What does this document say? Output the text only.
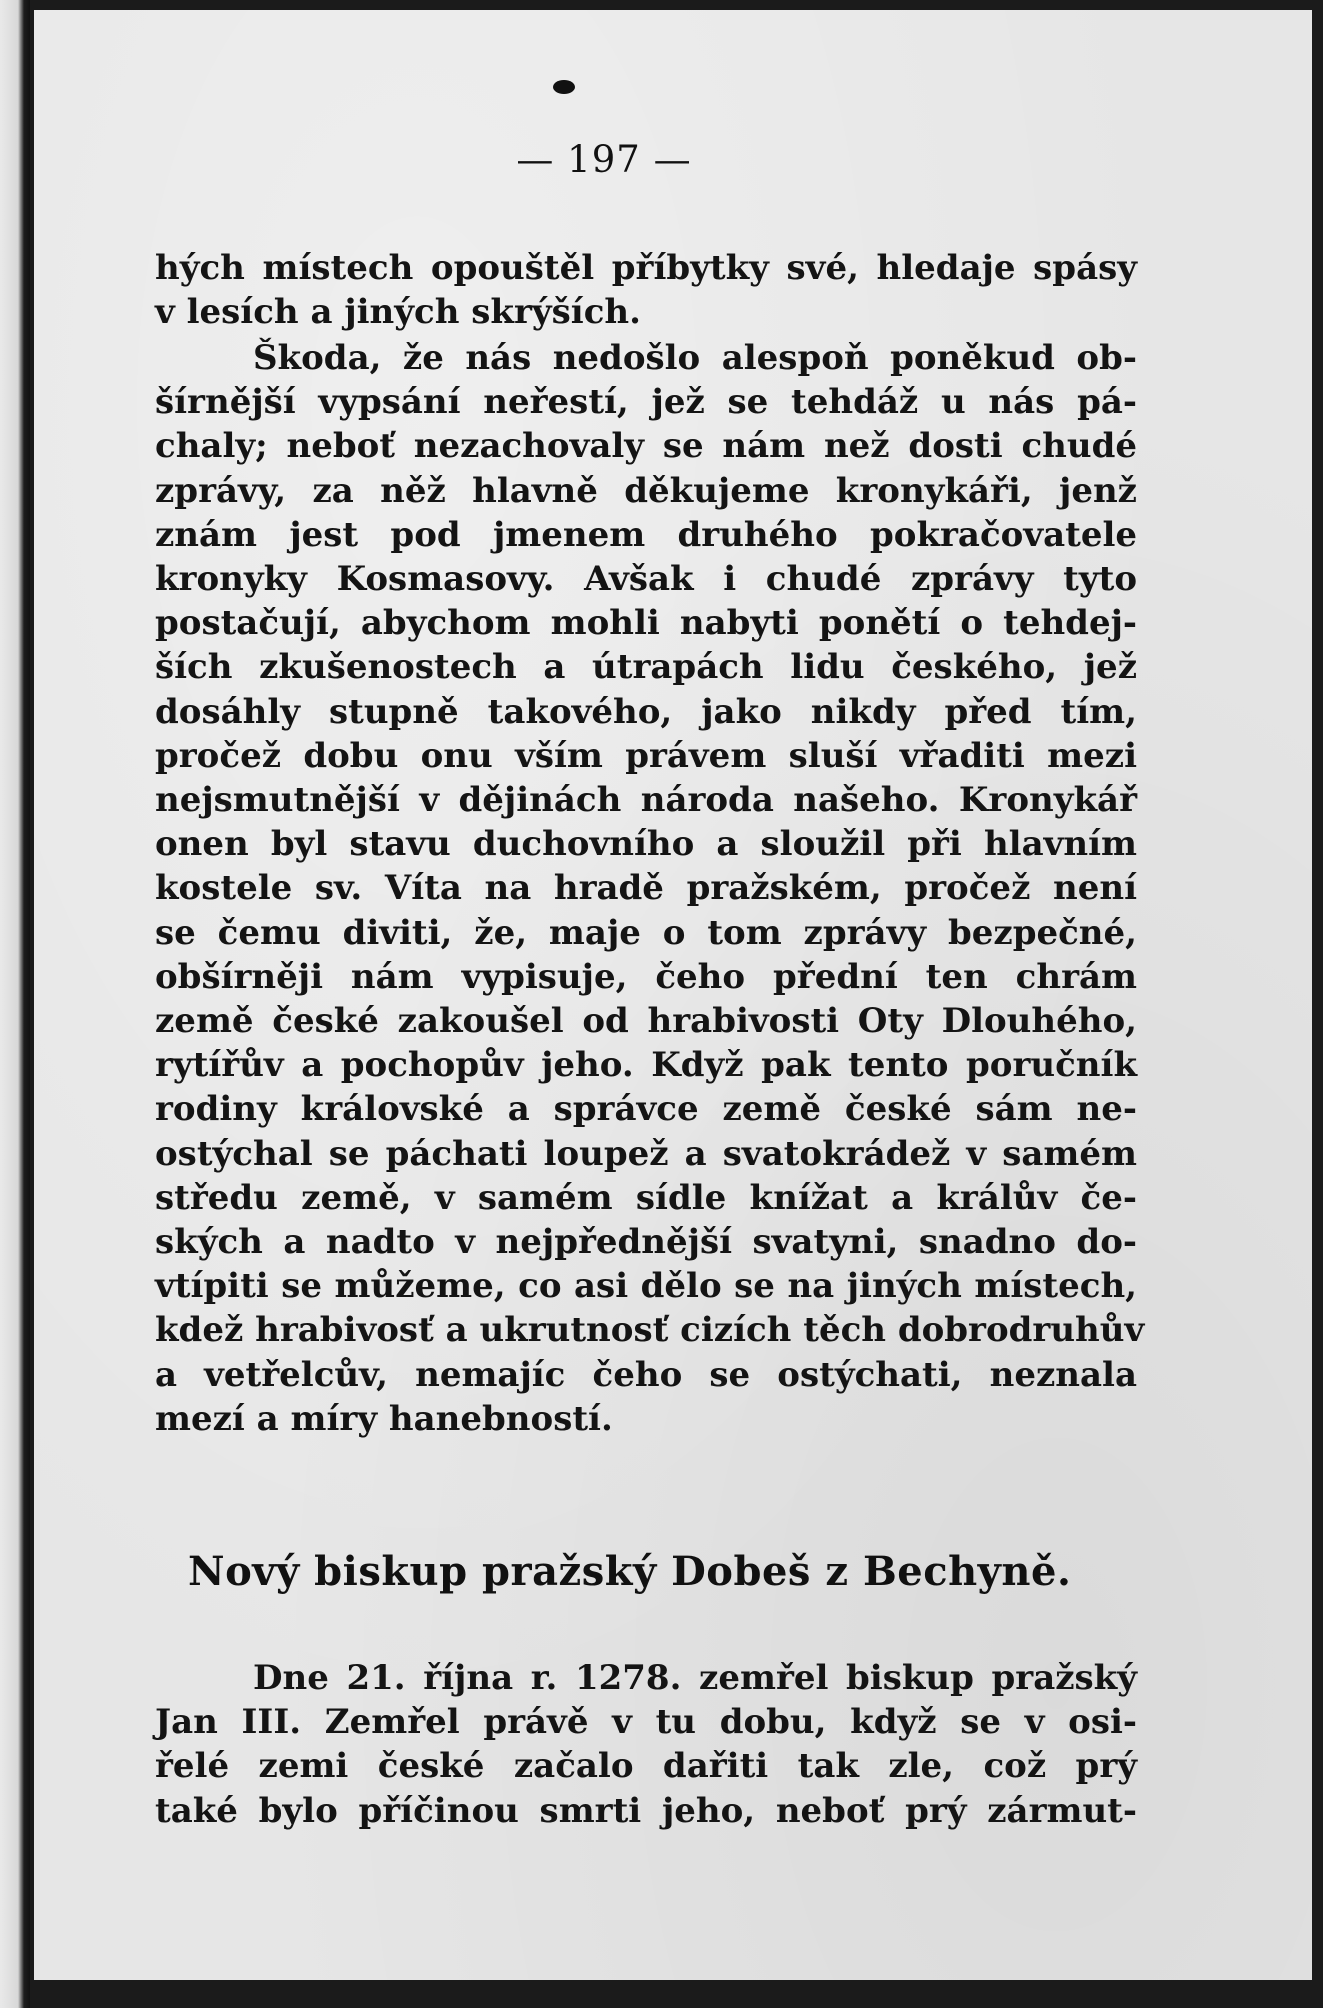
— 197 —
hých místech opouštěl příbytky své, hledaje spásy
v lesích a jiných skrýších.
Škoda, že nás nedošlo alespoň poněkud ob-
šírnější vypsání neřestí, jež se tehdáž u nás pá-
chaly; neboť nezachovaly se nám než dosti chudé
zprávy, za něž hlavně děkujeme kronykáři, jenž
znám jest pod jmenem druhého pokračovatele
kronyky Kosmasovy. Avšak i chudé zprávy tyto
postačují, abychom mohli nabyti ponětí o tehdej-
ších zkušenostech a útrapách lidu českého, jež
dosáhly stupně takového, jako nikdy před tím,
pročež dobu onu vším právem sluší vřaditi mezi
nejsmutnější v dějinách národa našeho. Kronykář
onen byl stavu duchovního a sloužil při hlavním
kostele sv. Víta na hradě pražském, pročež není
se čemu diviti, že, maje o tom zprávy bezpečné,
obšírněji nám vypisuje, čeho přední ten chrám
země české zakoušel od hrabivosti Oty Dlouhého,
rytířův a pochopův jeho. Když pak tento poručník
rodiny královské a správce země české sám ne-
ostýchal se páchati loupež a svatokrádež v samém
středu země, v samém sídle knížat a králův če-
ských a nadto v nejpřednější svatyni, snadno do-
vtípiti se můžeme, co asi dělo se na jiných místech,
kdež hrabivosť a ukrutnosť cizích těch dobrodruhův
a vetřelcův, nemajíc čeho se ostýchati, neznala
mezí a míry hanebností.
Nový biskup pražský Dobeš z Bechyně.
Dne 21. října r. 1278. zemřel biskup pražský
Jan III. Zemřel právě v tu dobu, když se v osi-
řelé zemi české začalo dařiti tak zle, což prý
také bylo příčinou smrti jeho, neboť prý zármut-
